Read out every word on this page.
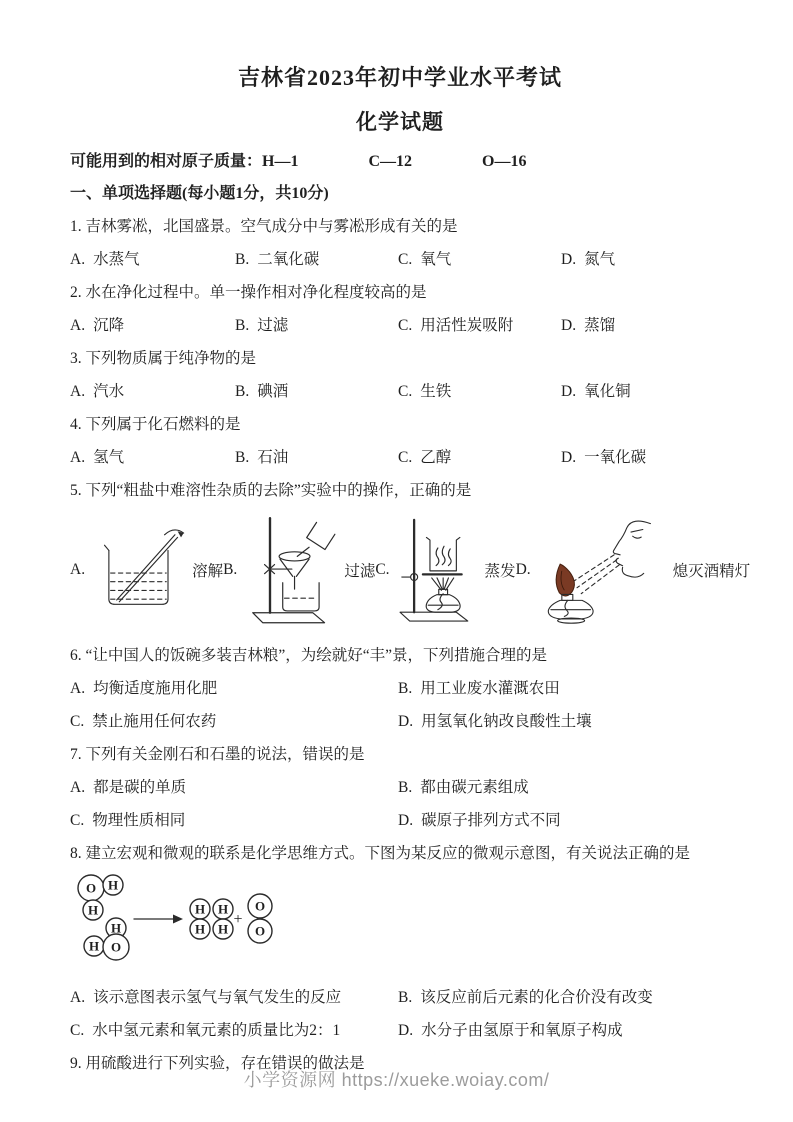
吉林省2023年初中学业水平考试
化学试题
可能用到的相对原子质量：H—1	C—12	O—16
一、单项选择题(每小题1分，共10分)
1. 吉林雾凇，北国盛景。空气成分中与雾凇形成有关的是
A. 水蒸气	B. 二氧化碳	C. 氧气	D. 氮气
2. 水在净化过程中。单一操作相对净化程度较高的是
A. 沉降	B. 过滤	C. 用活性炭吸附	D. 蒸馏
3. 下列物质属于纯净物的是
A. 汽水	B. 碘酒	C. 生铁	D. 氧化铜
4. 下列属于化石燃料的是
A. 氢气	B. 石油	C. 乙醇	D. 一氧化碳
5. 下列“粗盐中难溶性杂质的去除”实验中的操作，正确的是
A.	溶解 B.	过滤 C.	蒸发 D.	熄灭酒精灯
6. “让中国人的饭碗多装吉林粮”，为绘就好“丰”景，下列措施合理的是
A. 均衡适度施用化肥	B. 用工业废水灌溉农田
C. 禁止施用任何农药	D. 用氢氧化钠改良酸性土壤
7. 下列有关金刚石和石墨的说法，错误的是
A. 都是碳的单质	B. 都由碳元素组成
C. 物理性质相同	D. 碳原子排列方式不同
8. 建立宏观和微观的联系是化学思维方式。下图为某反应的微观示意图，有关说法正确的是
O H
H
H
H O
H
H
H
H
+
O
O
A. 该示意图表示氢气与氧气发生的反应	B. 该反应前后元素的化合价没有改变
C. 水中氢元素和氧元素的质量比为2：1	D. 水分子由氢原于和氧原子构成
9. 用硫酸进行下列实验，存在错误的做法是
小学资源网 https://xueke.woiay.com/
